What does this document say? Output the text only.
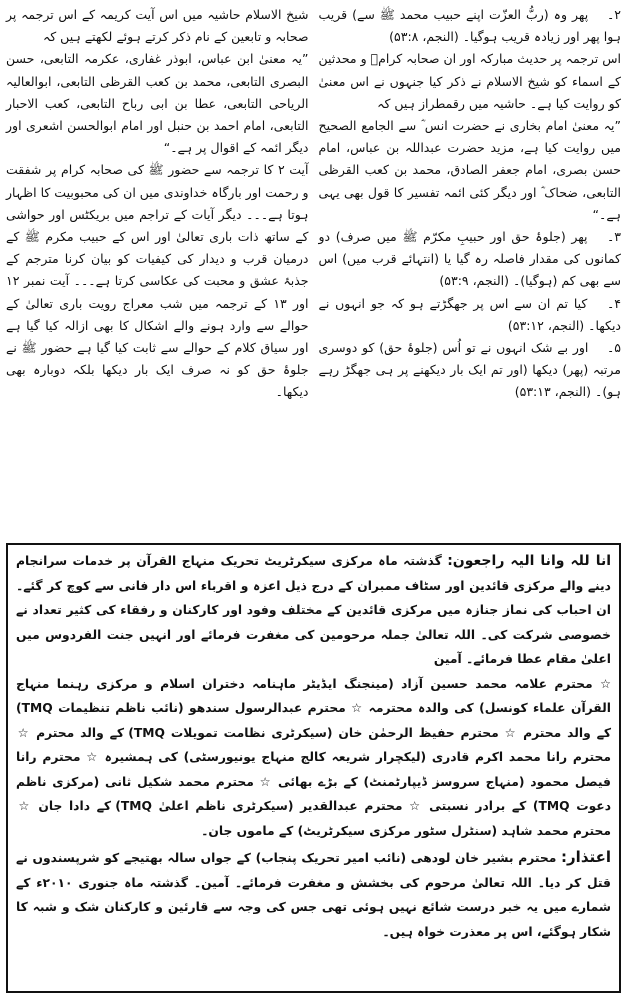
۲۔	پھر وہ (ربُّ العزّت اپنے حبیب محمد ﷺ سے) قریب ہوا پھر اور زیادہ قریب ہوگیا۔ (النجم، ۵۳:۸)

اس ترجمہ پر حدیث مبارکہ اور ان صحابہ کرامؓ و محدثین کے اسماء کو شیخ الاسلام نے ذکر کیا جنہوں نے اس معنیٰ کو روایت کیا ہے۔ حاشیہ میں رقمطراز ہیں کہ

”یہ معنیٰ امام بخاری نے حضرت انس ؓ سے الجامع الصحیح میں روایت کیا ہے، مزید حضرت عبداللہ بن عباس، امام حسن بصری، امام جعفر الصادق، محمد بن کعب القرظی التابعی، ضحاک ؓ اور دیگر کئی ائمہ تفسیر کا قول بھی یہی ہے۔“

۳۔	پھر (جلوۂ حق اور حبیبِ مکرّم ﷺ میں صرف) دو کمانوں کی مقدار فاصلہ رہ گیا یا (انتہائے قرب میں) اس سے بھی کم (ہوگیا)۔ (النجم، ۵۳:۹)

۴۔	کیا تم ان سے اس پر جھگڑتے ہو کہ جو انہوں نے دیکھا۔ (النجم، ۵۳:۱۲)

۵۔	اور بے شک انہوں نے تو اُس (جلوۂ حق) کو دوسری مرتبہ (پھر) دیکھا (اور تم ایک بار دیکھنے پر ہی جھگڑ رہے ہو)۔ (النجم، ۵۳:۱۳)

شیخ الاسلام حاشیہ میں اس آیت کریمہ کے اس ترجمہ پر صحابہ و تابعین کے نام ذکر کرتے ہوئے لکھتے ہیں کہ

”یہ معنیٰ ابن عباس، ابوذر غفاری، عکرمہ التابعی، حسن البصری التابعی، محمد بن کعب القرظی التابعی، ابوالعالیہ الریاحی التابعی، عطا بن ابی رباح التابعی، کعب الاحبار التابعی، امام احمد بن حنبل اور امام ابوالحسن اشعری اور دیگر ائمہ کے اقوال پر ہے۔“

آیت ۲ کا ترجمہ سے حضور ﷺ کی صحابہ کرام پر شفقت و رحمت اور بارگاہ خداوندی میں ان کی محبوبیت کا اظہار ہوتا ہے۔۔۔ دیگر آیات کے تراجم میں بریکٹس اور حواشی کے ساتھ ذات باری تعالیٰ اور اس کے حبیب مکرم ﷺ کے درمیان قرب و دیدار کی کیفیات کو بیان کرنا مترجم کے جذبۂ عشق و محبت کی عکاسی کرتا ہے۔۔۔ آیت نمبر ۱۲ اور ۱۳ کے ترجمہ میں شب معراج رویت باری تعالیٰ کے حوالے سے وارد ہونے والے اشکال کا بھی ازالہ کیا گیا ہے اور سیاق کلام کے حوالے سے ثابت کیا گیا ہے حضور ﷺ نے جلوۂ حق کو نہ صرف ایک بار دیکھا بلکہ دوبارہ بھی دیکھا۔

انا للہ وانا الیہ راجعون: گذشتہ ماہ مرکزی سیکرٹریٹ تحریک منہاج القرآن پر خدمات سرانجام دینے والے مرکزی قائدین اور سٹاف ممبران کے درج ذیل اعزہ و اقرباء اس دار فانی سے کوچ کر گئے۔ ان احباب کی نماز جنازہ میں مرکزی قائدین کے مختلف وفود اور کارکنان و رفقاء کی کثیر تعداد نے خصوصی شرکت کی۔ اللہ تعالیٰ جملہ مرحومین کی مغفرت فرمائے اور انہیں جنت الفردوس میں اعلیٰ مقام عطا فرمائے۔ آمین

☆ محترم علامہ محمد حسین آزاد (مینجنگ ایڈیٹر ماہنامہ دختران اسلام و مرکزی رہنما منہاج القرآن علماء کونسل) کی والدہ محترمہ ☆ محترم عبدالرسول سندھو (نائب ناظم تنظیمات TMQ) کے والد محترم ☆ محترم حفیظ الرحمٰن خان (سیکرٹری نظامت تمویلات TMQ) کے والد محترم ☆ محترم رانا محمد اکرم قادری (لیکچرار شریعہ کالج منہاج یونیورسٹی) کی ہمشیرہ ☆ محترم رانا فیصل محمود (منہاج سروسز ڈیپارٹمنٹ) کے بڑے بھائی ☆ محترم محمد شکیل ثانی (مرکزی ناظم دعوت TMQ) کے برادر نسبتی ☆ محترم عبدالقدیر (سیکرٹری ناظم اعلیٰ TMQ) کے دادا جان ☆ محترم محمد شاہد (سنٹرل سٹور مرکزی سیکرٹریٹ) کے ماموں جان۔

اعتذار: محترم بشیر خان لودھی (نائب امیر تحریک پنجاب) کے جواں سالہ بھتیجے کو شرپسندوں نے قتل کر دیا۔ اللہ تعالیٰ مرحوم کی بخشش و مغفرت فرمائے۔ آمین۔ گذشتہ ماہ جنوری ۲۰۱۰ء کے شمارے میں یہ خبر درست شائع نہیں ہوئی تھی جس کی وجہ سے قارئین و کارکنان شک و شبہ کا شکار ہوگئے، اس پر معذرت خواہ ہیں۔
